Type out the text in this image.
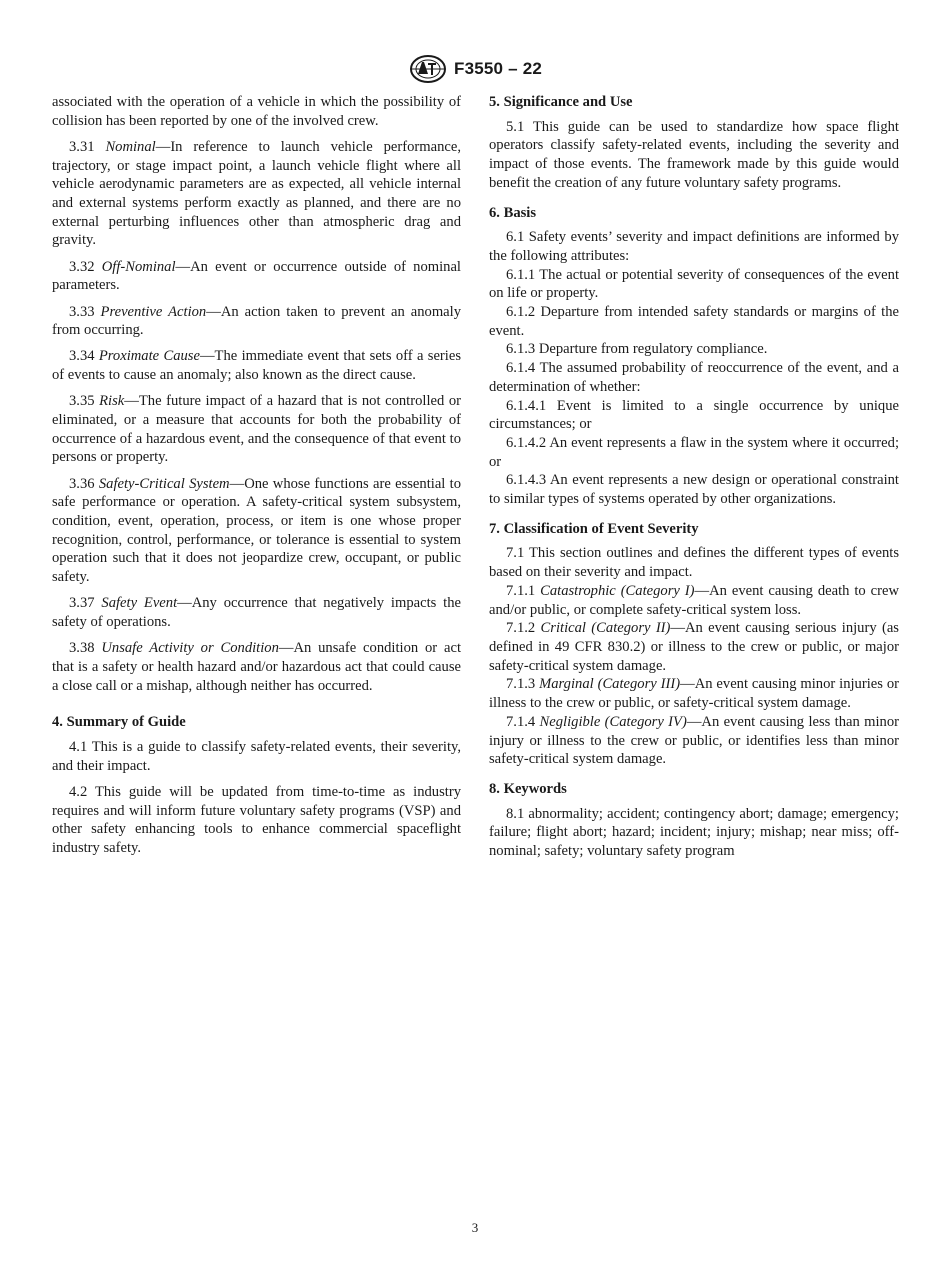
F3550 – 22

associated with the operation of a vehicle in which the possibility of collision has been reported by one of the involved crew.

3.31 Nominal—In reference to launch vehicle performance, trajectory, or stage impact point, a launch vehicle flight where all vehicle aerodynamic parameters are as expected, all vehicle internal and external systems perform exactly as planned, and there are no external perturbing influences other than atmospheric drag and gravity.

3.32 Off-Nominal—An event or occurrence outside of nominal parameters.

3.33 Preventive Action—An action taken to prevent an anomaly from occurring.

3.34 Proximate Cause—The immediate event that sets off a series of events to cause an anomaly; also known as the direct cause.

3.35 Risk—The future impact of a hazard that is not controlled or eliminated, or a measure that accounts for both the probability of occurrence of a hazardous event, and the consequence of that event to persons or property.

3.36 Safety-Critical System—One whose functions are essential to safe performance or operation. A safety-critical system subsystem, condition, event, operation, process, or item is one whose proper recognition, control, performance, or tolerance is essential to system operation such that it does not jeopardize crew, occupant, or public safety.

3.37 Safety Event—Any occurrence that negatively impacts the safety of operations.

3.38 Unsafe Activity or Condition—An unsafe condition or act that is a safety or health hazard and/or hazardous act that could cause a close call or a mishap, although neither has occurred.

4. Summary of Guide

4.1 This is a guide to classify safety-related events, their severity, and their impact.

4.2 This guide will be updated from time-to-time as industry requires and will inform future voluntary safety programs (VSP) and other safety enhancing tools to enhance commercial spaceflight industry safety.

5. Significance and Use

5.1 This guide can be used to standardize how space flight operators classify safety-related events, including the severity and impact of those events. The framework made by this guide would benefit the creation of any future voluntary safety programs.

6. Basis

6.1 Safety events’ severity and impact definitions are informed by the following attributes:

6.1.1 The actual or potential severity of consequences of the event on life or property.

6.1.2 Departure from intended safety standards or margins of the event.

6.1.3 Departure from regulatory compliance.

6.1.4 The assumed probability of reoccurrence of the event, and a determination of whether:

6.1.4.1 Event is limited to a single occurrence by unique circumstances; or

6.1.4.2 An event represents a flaw in the system where it occurred; or

6.1.4.3 An event represents a new design or operational constraint to similar types of systems operated by other organizations.

7. Classification of Event Severity

7.1 This section outlines and defines the different types of events based on their severity and impact.

7.1.1 Catastrophic (Category I)—An event causing death to crew and/or public, or complete safety-critical system loss.

7.1.2 Critical (Category II)—An event causing serious injury (as defined in 49 CFR 830.2) or illness to the crew or public, or major safety-critical system damage.

7.1.3 Marginal (Category III)—An event causing minor injuries or illness to the crew or public, or safety-critical system damage.

7.1.4 Negligible (Category IV)—An event causing less than minor injury or illness to the crew or public, or identifies less than minor safety-critical system damage.

8. Keywords

8.1 abnormality; accident; contingency abort; damage; emergency; failure; flight abort; hazard; incident; injury; mishap; near miss; off-nominal; safety; voluntary safety program

3
